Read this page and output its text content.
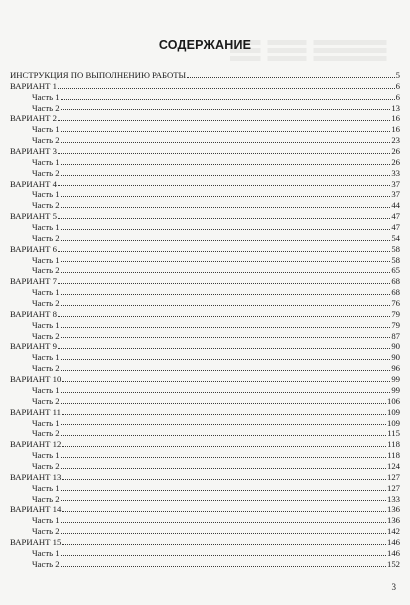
СОДЕРЖАНИЕ
ИНСТРУКЦИЯ ПО ВЫПОЛНЕНИЮ РАБОТЫ	5
ВАРИАНТ 1	6
Часть 1	6
Часть 2	13
ВАРИАНТ 2	16
Часть 1	16
Часть 2	23
ВАРИАНТ 3	26
Часть 1	26
Часть 2	33
ВАРИАНТ 4	37
Часть 1	37
Часть 2	44
ВАРИАНТ 5	47
Часть 1	47
Часть 2	54
ВАРИАНТ 6	58
Часть 1	58
Часть 2	65
ВАРИАНТ 7	68
Часть 1	68
Часть 2	76
ВАРИАНТ 8	79
Часть 1	79
Часть 2	87
ВАРИАНТ 9	90
Часть 1	90
Часть 2	96
ВАРИАНТ 10	99
Часть 1	99
Часть 2	106
ВАРИАНТ 11	109
Часть 1	109
Часть 2	115
ВАРИАНТ 12	118
Часть 1	118
Часть 2	124
ВАРИАНТ 13	127
Часть 1	127
Часть 2	133
ВАРИАНТ 14	136
Часть 1	136
Часть 2	142
ВАРИАНТ 15	146
Часть 1	146
Часть 2	152
3
